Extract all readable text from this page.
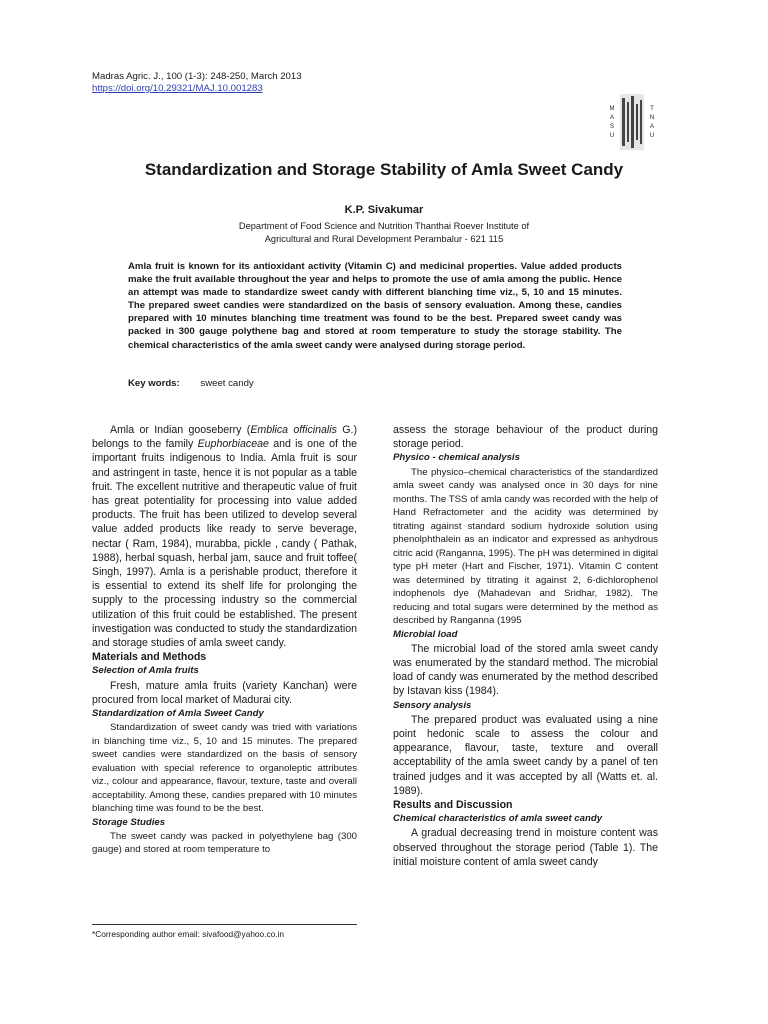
Madras Agric. J., 100 (1-3): 248-250, March 2013
https://doi.org/10.29321/MAJ.10.001283
M
A
S
U
T
N
A
U
Standardization and Storage Stability of Amla Sweet Candy
K.P. Sivakumar
Department of Food Science and Nutrition Thanthai Roever Institute of
Agricultural and Rural Development Perambalur - 621 115
Amla fruit is known for its antioxidant activity (Vitamin C) and medicinal properties. Value added products make the fruit available throughout the year and helps to promote the use of amla among the public. Hence an attempt was made to standardize sweet candy with different blanching time viz., 5, 10 and 15 minutes. The prepared sweet candies were standardized on the basis of sensory evaluation. Among these, candies prepared with 10 minutes blanching time treatment was found to be the best. Prepared sweet candy was packed in 300 gauge polythene bag and stored at room temperature to study the storage stability. The chemical characteristics of the amla sweet candy were analysed during storage period.
Key words: sweet candy

Amla or Indian gooseberry (Emblica officinalis G.) belongs to the family Euphorbiaceae and is one of the important fruits indigenous to India. Amla fruit is sour and astringent in taste, hence it is not popular as a table fruit. The excellent nutritive and therapeutic value of fruit has great potentiality for processing into value added products. The fruit has been utilized to develop several value added products like ready to serve beverage, nectar ( Ram, 1984), murabba, pickle , candy ( Pathak, 1988), herbal squash, herbal jam, sauce and fruit toffee( Singh, 1997). Amla is a perishable product, therefore it is essential to extend its shelf life for prolonging the supply to the processing industry so the commercial utilization of this fruit could be established. The present investigation was conducted to study the standardization and storage studies of amla sweet candy.

Materials and Methods

Selection of Amla fruits

Fresh, mature amla fruits (variety Kanchan) were procured from local market of Madurai city.

Standardization of Amla Sweet Candy

Standardization of sweet candy was tried with variations in blanching time viz., 5, 10 and 15 minutes. The prepared sweet candies were standardized on the basis of sensory evaluation with special reference to organoleptic attributes viz., colour and appearance, flavour, texture, taste and overall acceptability. Among these, candies prepared with 10 minutes blanching time was found to be the best.

Storage Studies

The sweet candy was packed in polyethylene bag (300 gauge) and stored at room temperature to

assess the storage behaviour of the product during storage period.

Physico - chemical analysis

The physico–chemical characteristics of the standardized amla sweet candy was analysed once in 30 days for nine months. The TSS of amla candy was recorded with the help of Hand Refractometer and the acidity was determined by titrating against standard sodium hydroxide solution using phenolphthalein as an indicator and expressed as anhydrous citric acid (Ranganna, 1995). The pH was determined in digital type pH meter (Hart and Fischer, 1971). Vitamin C content was determined by titrating it against 2, 6-dichlorophenol indophenols dye (Mahadevan and Sridhar, 1982). The reducing and total sugars were determined by the method as described by Ranganna (1995

Microbial load

The microbial load of the stored amla sweet candy was enumerated by the standard method. The microbial load of candy was enumerated by the method described by Istavan kiss (1984).

Sensory analysis

The prepared product was evaluated using a nine point hedonic scale to assess the colour and appearance, flavour, taste, texture and overall acceptability of the amla sweet candy by a panel of ten trained judges and it was accepted by all (Watts et. al. 1989).

Results and Discussion

Chemical characteristics of amla sweet candy

A gradual decreasing trend in moisture content was observed throughout the storage period (Table 1). The initial moisture content of amla sweet candy

*Corresponding author email: sivafood@yahoo.co.in
